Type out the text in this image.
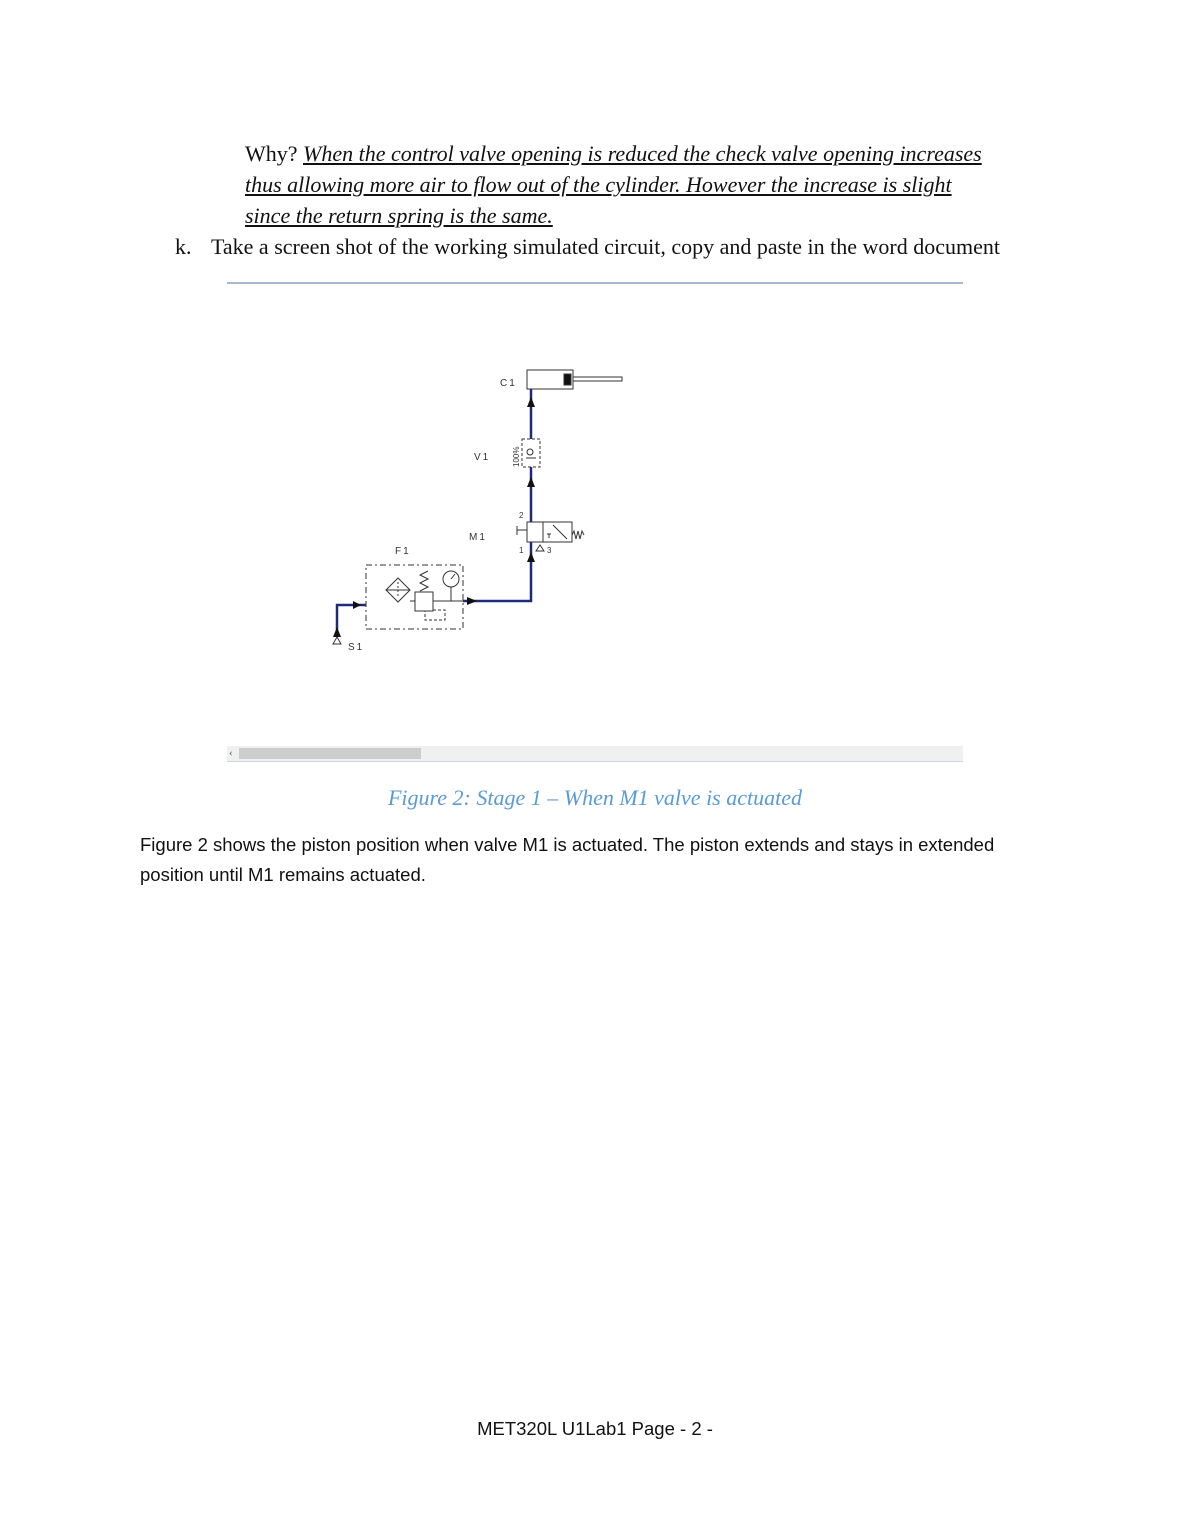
Why? When the control valve opening is reduced the check valve opening increases
thus allowing more air to flow out of the cylinder. However the increase is slight
since the return spring is the same.
k. Take a screen shot of the working simulated circuit, copy and paste in the word document
C1
V1
M1
F1
S1
100%
2
1	3
‹
Figure 2: Stage 1 – When M1 valve is actuated
Figure 2 shows the piston position when valve M1 is actuated. The piston extends and stays in extended position until M1 remains actuated.
MET320L U1Lab1 Page - 2 -
